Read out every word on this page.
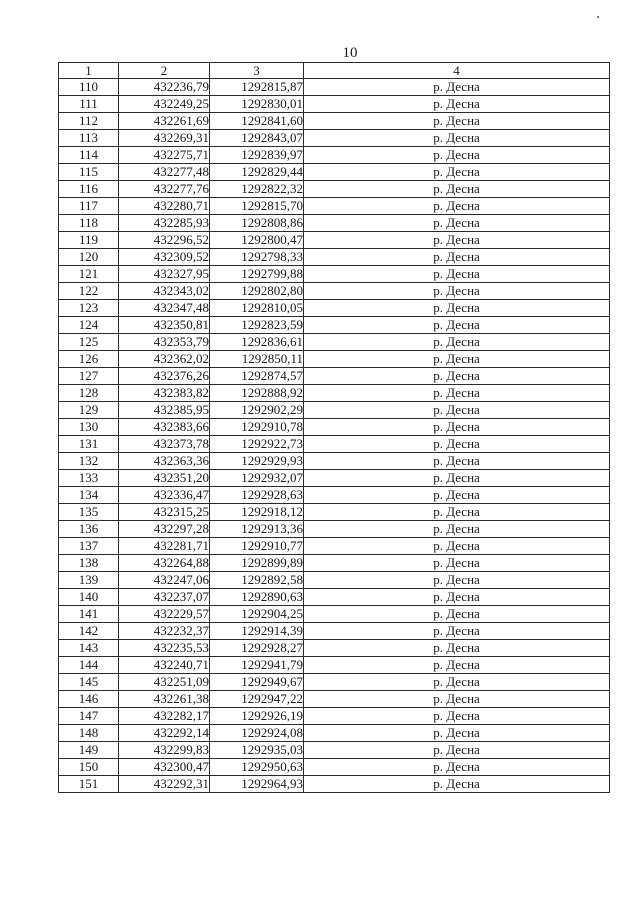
10
1	2	3	4
110	432236,79	1292815,87	р. Десна
111	432249,25	1292830,01	р. Десна
112	432261,69	1292841,60	р. Десна
113	432269,31	1292843,07	р. Десна
114	432275,71	1292839,97	р. Десна
115	432277,48	1292829,44	р. Десна
116	432277,76	1292822,32	р. Десна
117	432280,71	1292815,70	р. Десна
118	432285,93	1292808,86	р. Десна
119	432296,52	1292800,47	р. Десна
120	432309,52	1292798,33	р. Десна
121	432327,95	1292799,88	р. Десна
122	432343,02	1292802,80	р. Десна
123	432347,48	1292810,05	р. Десна
124	432350,81	1292823,59	р. Десна
125	432353,79	1292836,61	р. Десна
126	432362,02	1292850,11	р. Десна
127	432376,26	1292874,57	р. Десна
128	432383,82	1292888,92	р. Десна
129	432385,95	1292902,29	р. Десна
130	432383,66	1292910,78	р. Десна
131	432373,78	1292922,73	р. Десна
132	432363,36	1292929,93	р. Десна
133	432351,20	1292932,07	р. Десна
134	432336,47	1292928,63	р. Десна
135	432315,25	1292918,12	р. Десна
136	432297,28	1292913,36	р. Десна
137	432281,71	1292910,77	р. Десна
138	432264,88	1292899,89	р. Десна
139	432247,06	1292892,58	р. Десна
140	432237,07	1292890,63	р. Десна
141	432229,57	1292904,25	р. Десна
142	432232,37	1292914,39	р. Десна
143	432235,53	1292928,27	р. Десна
144	432240,71	1292941,79	р. Десна
145	432251,09	1292949,67	р. Десна
146	432261,38	1292947,22	р. Десна
147	432282,17	1292926,19	р. Десна
148	432292,14	1292924,08	р. Десна
149	432299,83	1292935,03	р. Десна
150	432300,47	1292950,63	р. Десна
151	432292,31	1292964,93	р. Десна
